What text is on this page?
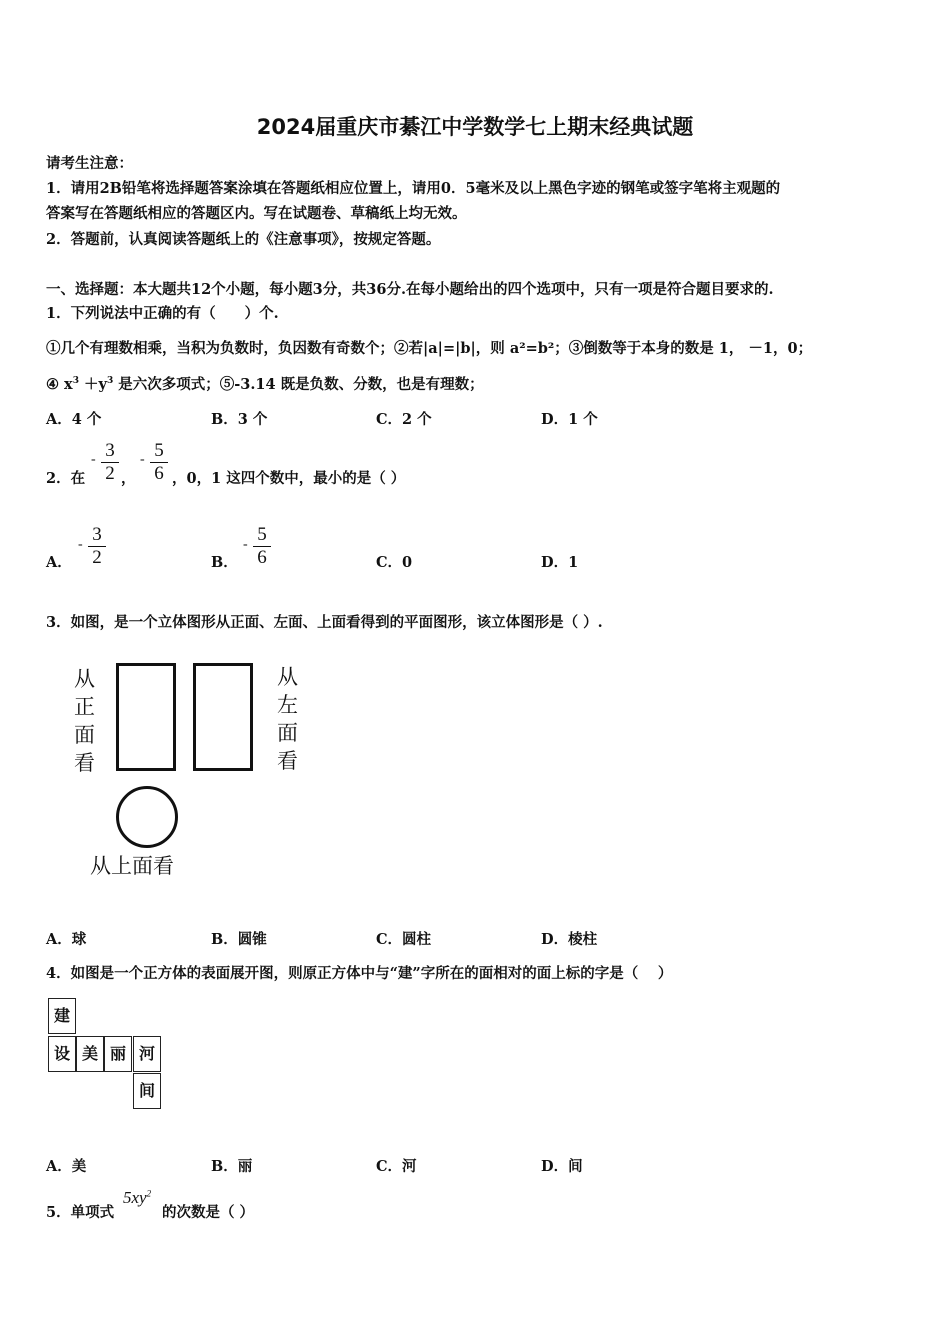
2024届重庆市綦江中学数学七上期末经典试题
请考生注意：
1．请用2B铅笔将选择题答案涂填在答题纸相应位置上，请用0．5毫米及以上黑色字迹的钢笔或签字笔将主观题的
答案写在答题纸相应的答题区内。写在试题卷、草稿纸上均无效。
2．答题前，认真阅读答题纸上的《注意事项》，按规定答题。
一、选择题：本大题共12个小题，每小题3分，共36分.在每小题给出的四个选项中，只有一项是符合题目要求的.
1．下列说法中正确的有（　　）个.
①几个有理数相乘，当积为负数时，负因数有奇数个；②若|a|=|b|，则 a²=b²；③倒数等于本身的数是 1， －1，0；
④ $x^3 +y^3$ 是六次多项式；⑤-3.14 既是负数、分数，也是有理数；
A．4 个	B．3 个	C．2 个	D．1 个
2．在
- 3
2 ，
- 5
6 ，0，1 这四个数中，最小的是（ ）
A．
- 3
2	B．
- 5
6	C．0	D．1
3．如图，是一个立体图形从正面、左面、上面看得到的平面图形，该立体图形是（ ）.
从
正
面
看
从
左
面
看
从上面看
A．球	B．圆锥	C．圆柱	D．棱柱
4．如图是一个正方体的表面展开图，则原正方体中与“建”字所在的面相对的面上标的字是（　 ）
建
设 美 丽 河
间
A．美	B．丽	C．河	D．间
5．单项式
$5xy^2$
的次数是（ ）
